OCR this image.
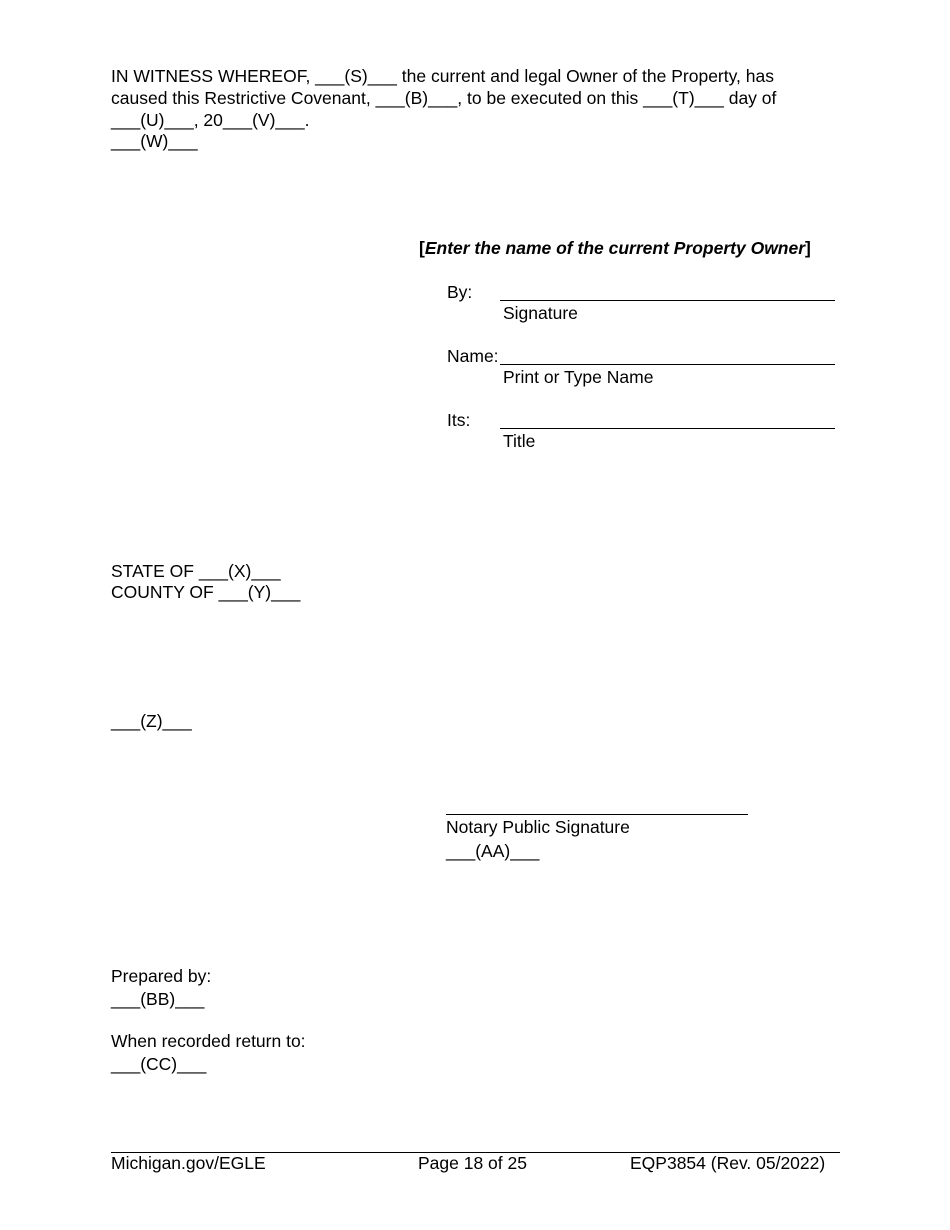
IN WITNESS WHEREOF, ___(S)___ the current and legal Owner of the Property, has
caused this Restrictive Covenant, ___(B)___, to be executed on this ___(T)___ day of
___(U)___, 20___(V)___.
___(W)___
[Enter the name of the current Property Owner]
By:
Signature
Name:
Print or Type Name
Its:
Title
STATE OF ___(X)___
COUNTY OF ___(Y)___
___(Z)___
Notary Public Signature
___(AA)___
Prepared by:
___(BB)___
When recorded return to:
___(CC)___
Michigan.gov/EGLE	Page 18 of 25	EQP3854 (Rev. 05/2022)
